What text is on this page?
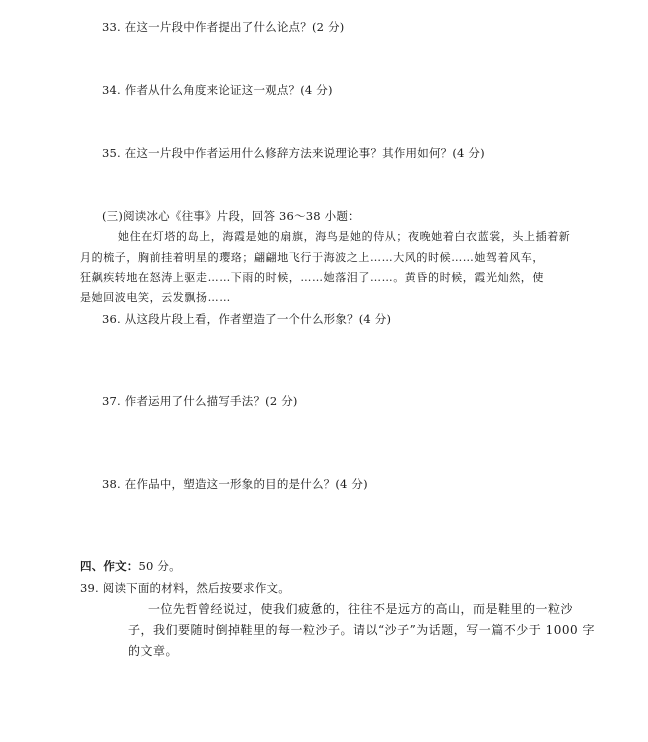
33. 在这一片段中作者提出了什么论点？(2 分)
34. 作者从什么角度来论证这一观点？(4 分)
35. 在这一片段中作者运用什么修辞方法来说理论事？其作用如何？(4 分)
(三)阅读冰心《往事》片段，回答 36～38 小题：
她住在灯塔的岛上，海霞是她的扇旗，海鸟是她的侍从；夜晚她着白衣蓝裳，头上插着新
月的梳子，胸前挂着明星的璎珞；翩翩地飞行于海波之上……大风的时候……她驾着风车，
狂飙疾转地在怒涛上驱走……下雨的时候，……她落泪了……。黄昏的时候，霞光灿然，使
是她回波电笑，云发飘扬……
36. 从这段片段上看，作者塑造了一个什么形象？(4 分)
37. 作者运用了什么描写手法？(2 分)
38. 在作品中，塑造这一形象的目的是什么？(4 分)
四、作文：50 分。
39. 阅读下面的材料，然后按要求作文。
一位先哲曾经说过，使我们疲惫的，往往不是远方的高山，而是鞋里的一粒沙
子，我们要随时倒掉鞋里的每一粒沙子。请以“沙子”为话题，写一篇不少于 1000 字
的文章。
